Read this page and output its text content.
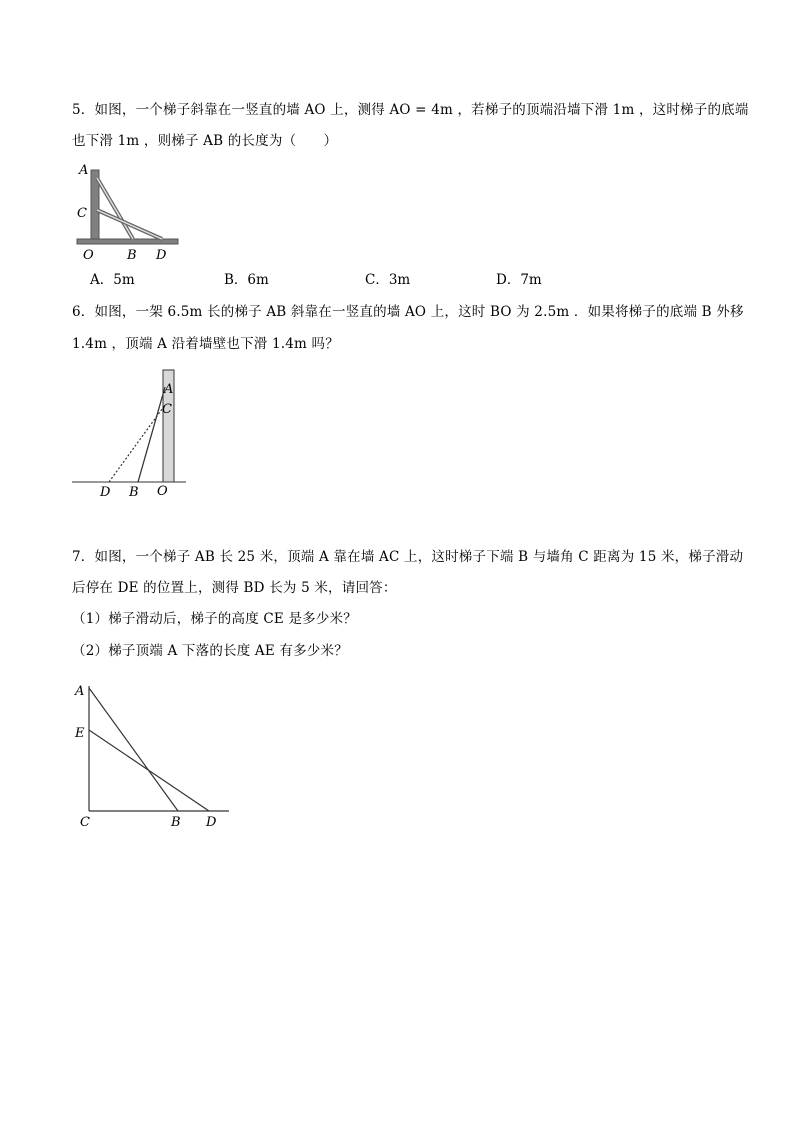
5．如图，一个梯子斜靠在一竖直的墙 AO 上，测得 AO = 4m ，若梯子的顶端沿墙下滑 1m ，这时梯子的底端
也下滑 1m ，则梯子 AB 的长度为（　　）
A
C
O	B D
A．5m	B．6m	C．3m	D．7m
6．如图，一架 6.5m 长的梯子 AB 斜靠在一竖直的墙 AO 上，这时 BO 为 2.5m ．如果将梯子的底端 B 外移
1.4m ，顶端 A 沿着墙壁也下滑 1.4m 吗？
A
C
D B O
7．如图，一个梯子 AB 长 25 米，顶端 A 靠在墙 AC 上，这时梯子下端 B 与墙角 C 距离为 15 米，梯子滑动
后停在 DE 的位置上，测得 BD 长为 5 米，请回答：
（1）梯子滑动后，梯子的高度 CE 是多少米？
（2）梯子顶端 A 下落的长度 AE 有多少米？
A
E
C	B D
